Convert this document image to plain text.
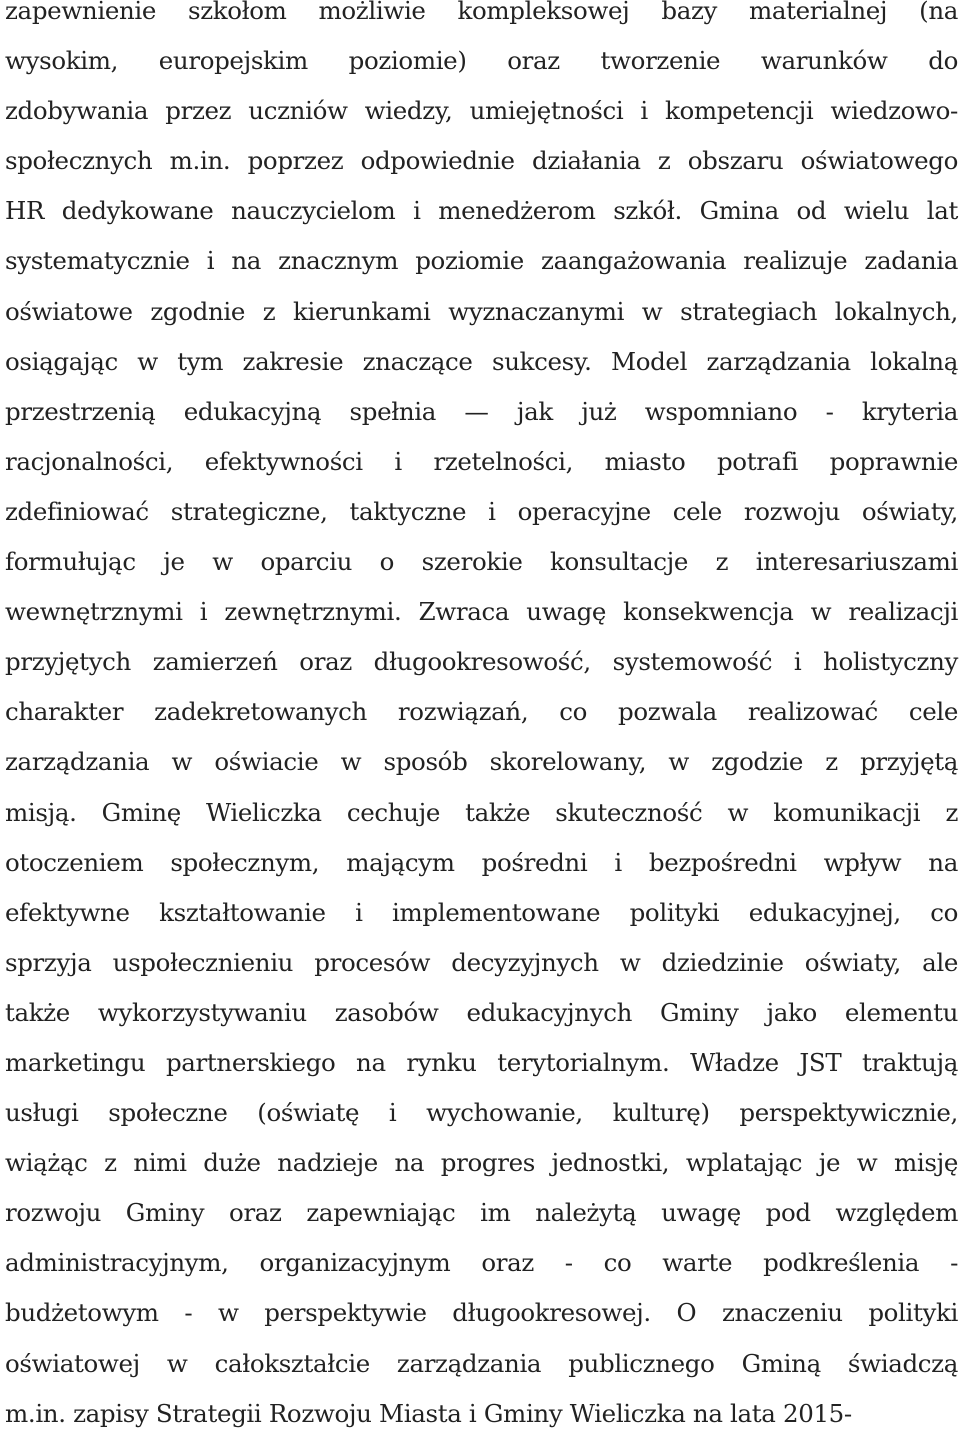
zapewnienie szkołom możliwie kompleksowej bazy materialnej (na
wysokim, europejskim poziomie) oraz tworzenie warunków do
zdobywania przez uczniów wiedzy, umiejętności i kompetencji wiedzowo-
społecznych m.in. poprzez odpowiednie działania z obszaru oświatowego
HR dedykowane nauczycielom i menedżerom szkół. Gmina od wielu lat
systematycznie i na znacznym poziomie zaangażowania realizuje zadania
oświatowe zgodnie z kierunkami wyznaczanymi w strategiach lokalnych,
osiągając w tym zakresie znaczące sukcesy. Model zarządzania lokalną
przestrzenią edukacyjną spełnia — jak już wspomniano - kryteria
racjonalności, efektywności i rzetelności, miasto potrafi poprawnie
zdefiniować strategiczne, taktyczne i operacyjne cele rozwoju oświaty,
formułując je w oparciu o szerokie konsultacje z interesariuszami
wewnętrznymi i zewnętrznymi. Zwraca uwagę konsekwencja w realizacji
przyjętych zamierzeń oraz długookresowość, systemowość i holistyczny
charakter zadekretowanych rozwiązań, co pozwala realizować cele
zarządzania w oświacie w sposób skorelowany, w zgodzie z przyjętą
misją. Gminę Wieliczka cechuje także skuteczność w komunikacji z
otoczeniem społecznym, mającym pośredni i bezpośredni wpływ na
efektywne kształtowanie i implementowane polityki edukacyjnej, co
sprzyja uspołecznieniu procesów decyzyjnych w dziedzinie oświaty, ale
także wykorzystywaniu zasobów edukacyjnych Gminy jako elementu
marketingu partnerskiego na rynku terytorialnym. Władze JST traktują
usługi społeczne (oświatę i wychowanie, kulturę) perspektywicznie,
wiążąc z nimi duże nadzieje na progres jednostki, wplatając je w misję
rozwoju Gminy oraz zapewniając im należytą uwagę pod względem
administracyjnym, organizacyjnym oraz - co warte podkreślenia -
budżetowym - w perspektywie długookresowej. O znaczeniu polityki
oświatowej w całokształcie zarządzania publicznego Gminą świadczą
m.in. zapisy Strategii Rozwoju Miasta i Gminy Wieliczka na lata 2015-
